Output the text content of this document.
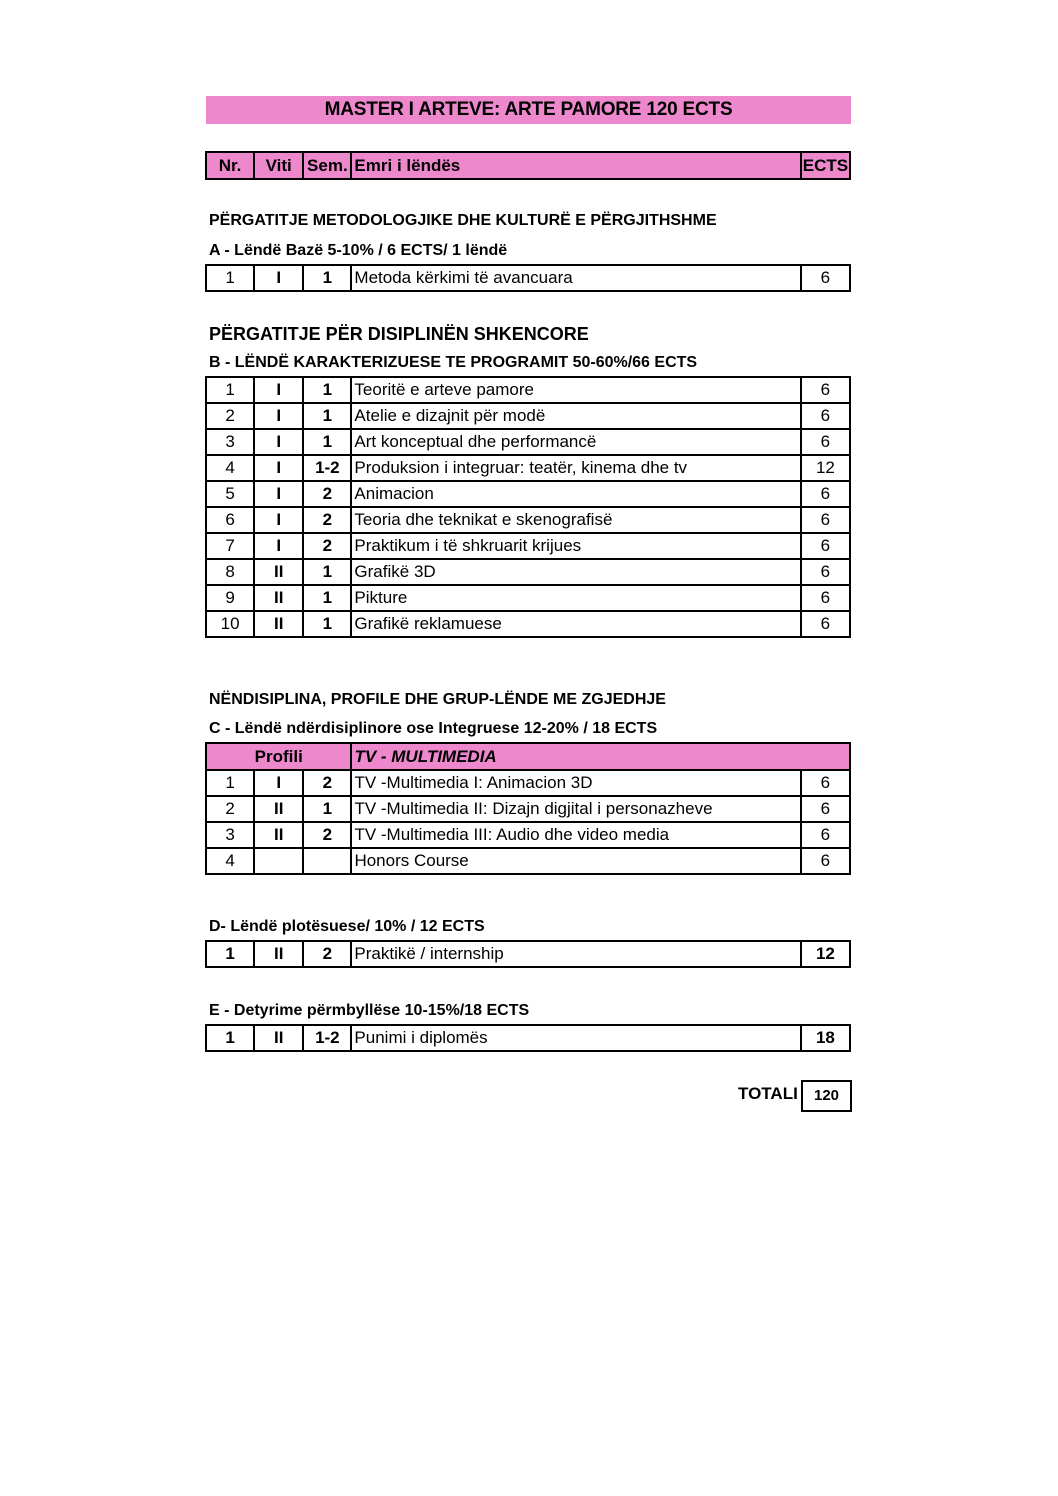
MASTER I ARTEVE: ARTE PAMORE 120 ECTS
Nr.	Viti	Sem.	Emri i lëndës	ECTS
PËRGATITJE METODOLOGJIKE DHE KULTURË E PËRGJITHSHME
A - Lëndë Bazë 5-10% / 6 ECTS/ 1 lëndë
1	I	1	Metoda kërkimi të avancuara	6
PËRGATITJE PËR DISIPLINËN SHKENCORE
B - LËNDË KARAKTERIZUESE TE PROGRAMIT 50-60%/66 ECTS
1	I	1	Teoritë e arteve pamore	6
2	I	1	Atelie e dizajnit për modë	6
3	I	1	Art konceptual dhe performancë	6
4	I	1-2	Produksion i integruar: teatër, kinema dhe tv	12
5	I	2	Animacion	6
6	I	2	Teoria dhe teknikat e skenografisë	6
7	I	2	Praktikum i të shkruarit krijues	6
8	II	1	Grafikë 3D	6
9	II	1	Pikture	6
10	II	1	Grafikë reklamuese	6
NËNDISIPLINA, PROFILE DHE GRUP-LËNDE ME ZGJEDHJE
C - Lëndë ndërdisiplinore ose Integruese 12-20% / 18 ECTS
Profili			TV - MULTIMEDIA	
1	I	2	TV -Multimedia I: Animacion 3D	6
2	II	1	TV -Multimedia II: Dizajn digjital i personazheve	6
3	II	2	TV -Multimedia III: Audio dhe video media	6
4			Honors Course	6
D- Lëndë plotësuese/ 10% / 12 ECTS
1	II	2	Praktikë / internship	12
E - Detyrime përmbyllëse 10-15%/18 ECTS
1	II	1-2	Punimi i diplomës	18
TOTALI	120
